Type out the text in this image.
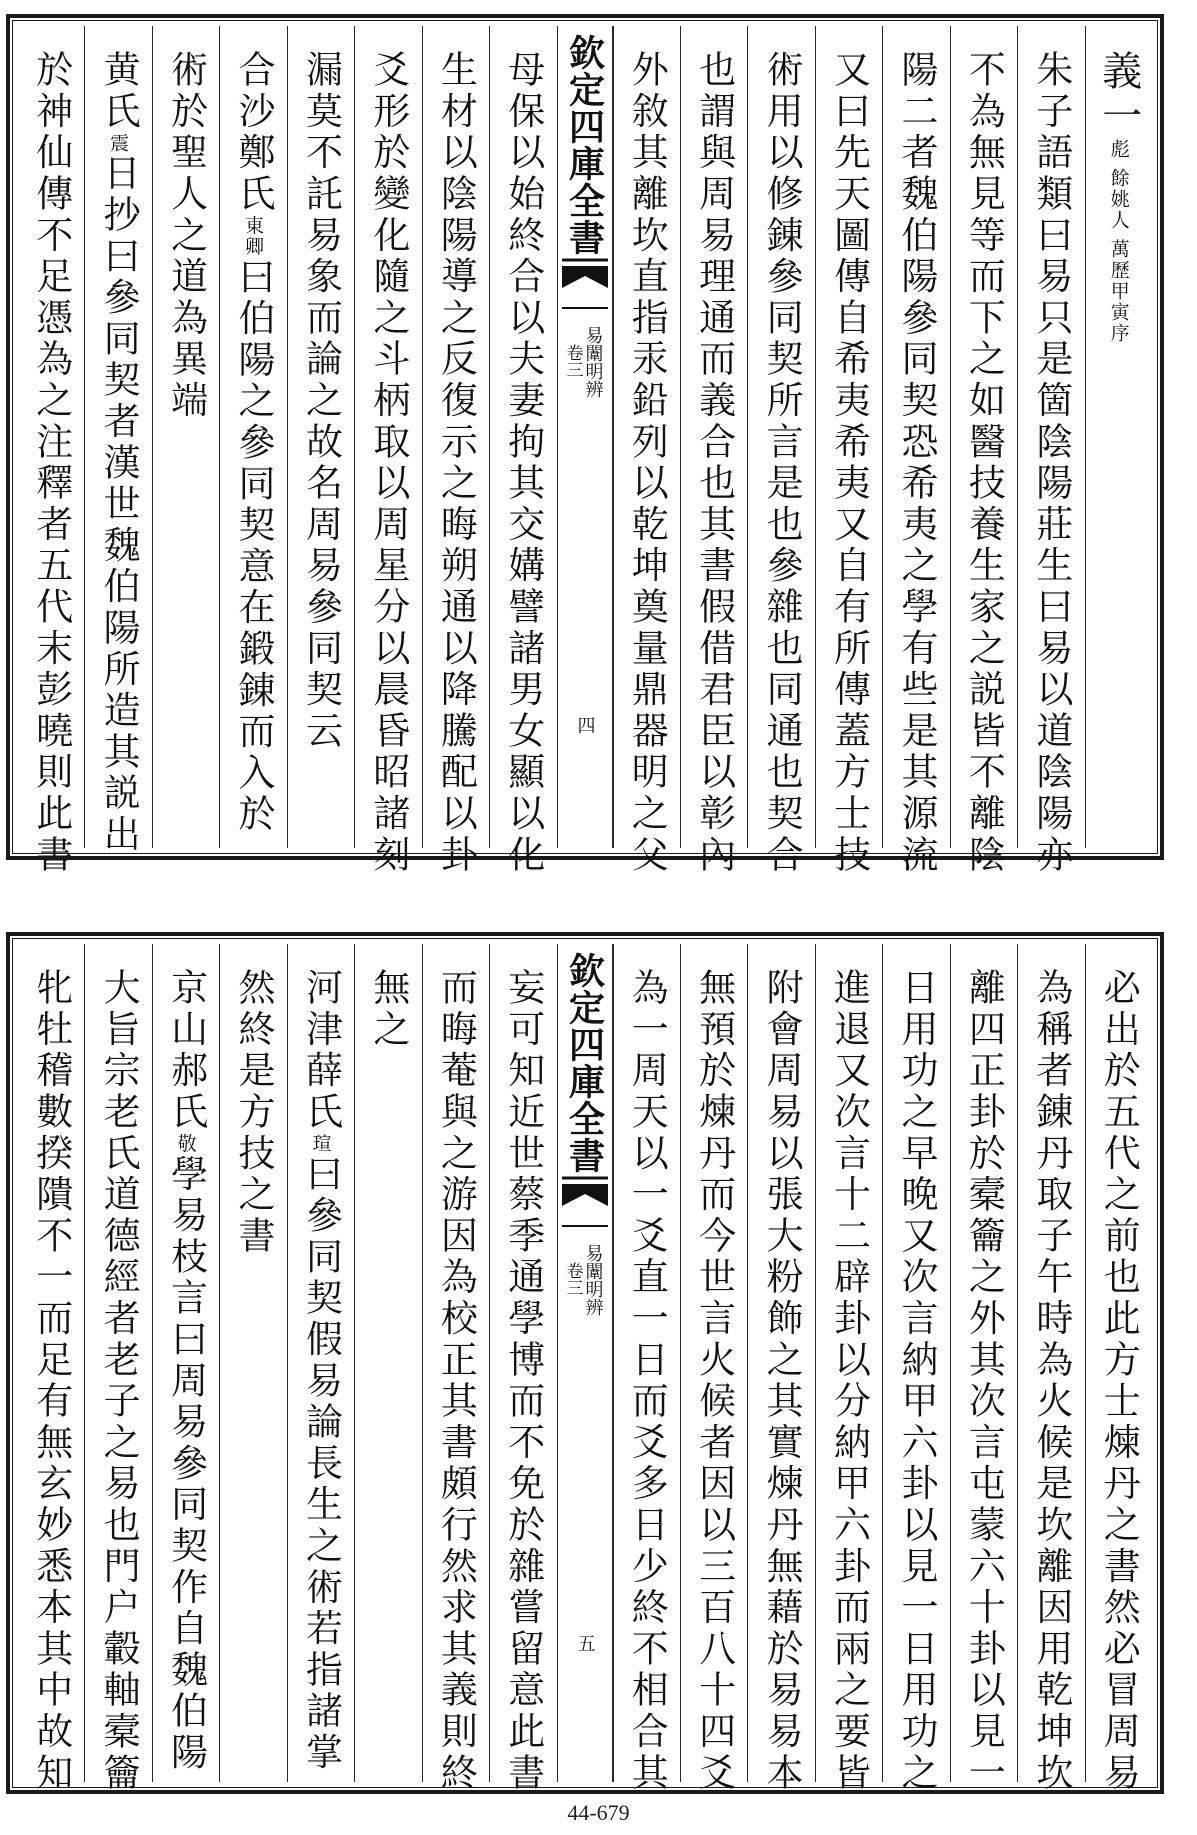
義一彪 餘姚人 萬歷甲寅序
朱子語類曰易只是箇陰陽莊生曰易以道陰陽亦
不為無見等而下之如醫技養生家之説皆不離陰
陽二者魏伯陽參同契恐希夷之學有些是其源流
又曰先天圖傳自希夷希夷又自有所傳蓋方士技
術用以修錬參同契所言是也參雜也同通也契合
也謂與周易理通而義合也其書假借君臣以彰內
外敘其離坎直指汞鉛列以乾坤奠量鼎器明之父
欽定四庫全書
易闈明辨
卷三
四
母保以始終合以夫妻拘其交媾譬諸男女顯以化
生材以陰陽導之反復示之晦朔通以降騰配以卦
爻形於變化隨之斗柄取以周星分以晨昏昭諸刻
漏莫不託易象而論之故名周易參同契云
合沙鄭氏東卿曰伯陽之參同契意在鍛錬而入於
術於聖人之道為異端
黄氏震日抄曰參同契者漢世魏伯陽所造其説出
於神仙傳不足憑為之注釋者五代末彭曉則此書
必出於五代之前也此方士煉丹之書然必冒周易
為稱者錬丹取子午時為火候是坎離因用乾坤坎
離四正卦於槖籥之外其次言屯蒙六十卦以見一
日用功之早晚又次言納甲六卦以見一日用功之
進退又次言十二辟卦以分納甲六卦而兩之要皆
附會周易以張大粉飾之其實煉丹無藉於易易本
無預於煉丹而今世言火候者因以三百八十四爻
為一周天以一爻直一日而爻多日少終不相合其
欽定四庫全書
易闈明辨
卷三
五
妄可知近世蔡季通學博而不免於雜嘗留意此書
而晦菴與之游因為校正其書頗行然求其義則終
無之
河津薛氏瑄曰參同契假易論長生之術若指諸掌
然終是方技之書
京山郝氏敬學易枝言曰周易參同契作自魏伯陽
大旨宗老氏道德經者老子之易也門户轂軸槖籥
牝牡稽數揆隤不一而足有無玄妙悉本其中故知
44-679
